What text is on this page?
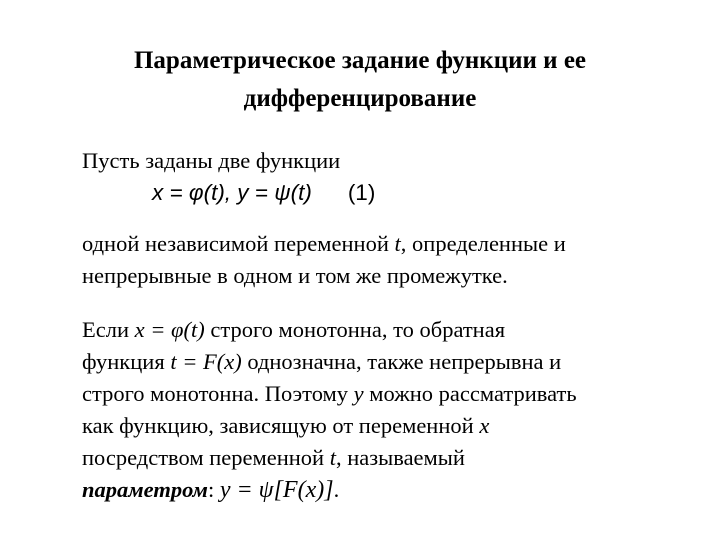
Параметрическое задание функции и ее
дифференцирование
Пусть заданы две функции
x = φ(t), y = ψ(t) (1)
одной независимой переменной t, определенные и
непрерывные в одном и том же промежутке.
Если x = φ(t) строго монотонна, то обратная
функция t = F(x) однозначна, также непрерывна и
строго монотонна. Поэтому y можно рассматривать
как функцию, зависящую от переменной x
посредством переменной t, называемый
параметром: y = ψ[F(x)].
